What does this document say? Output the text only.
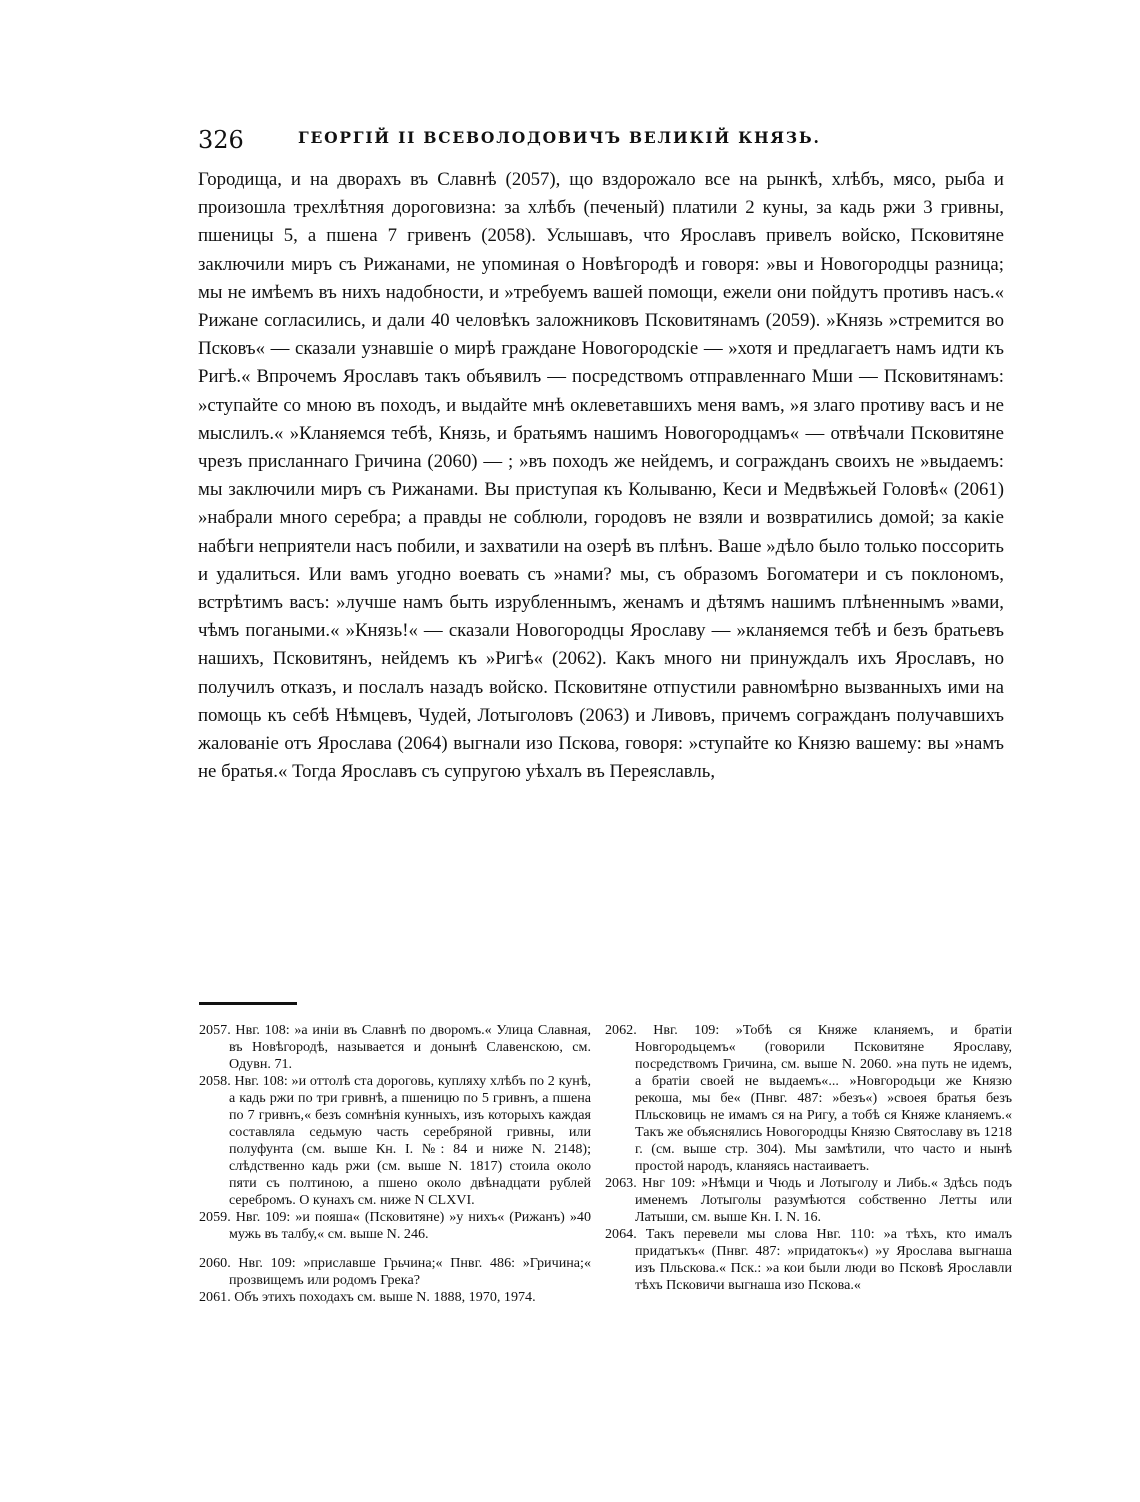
326	ГЕОРГІЙ II ВСЕВОЛОДОВИЧЪ ВЕЛИКІЙ КНЯЗЬ.

Городища, и на дворахъ въ Славнѣ (2057), що вздорожало все на рынкѣ, хлѣбъ, мясо, рыба и произошла трехлѣтняя дороговизна: за хлѣбъ (печеный) платили 2 куны, за кадь ржи 3 гривны, пшеницы 5, а пшена 7 гривенъ (2058). Услышавъ, что Ярославъ привелъ войско, Псковитяне заключили миръ съ Рижанами, не упоминая о Новѣгородѣ и говоря: »вы и Новогородцы разница; мы не имѣемъ въ нихъ надобности, и »требуемъ вашей помощи, ежели они пойдутъ противъ насъ.« Рижане согласились, и дали 40 человѣкъ заложниковъ Псковитянамъ (2059). »Князь »стремится во Псковъ« — сказали узнавшіе о мирѣ граждане Новогородскіе — »хотя и предлагаетъ намъ идти къ Ригѣ.« Впрочемъ Ярославъ такъ объявилъ — посредствомъ отправленнаго Мши — Псковитянамъ: »ступайте со мною въ походъ, и выдайте мнѣ оклеветавшихъ меня вамъ, »я злаго противу васъ и не мыслилъ.« »Кланяемся тебѣ, Князь, и братьямъ нашимъ Новогородцамъ« — отвѣчали Псковитяне чрезъ присланнаго Гричина (2060) — ; »въ походъ же нейдемъ, и согражданъ своихъ не »выдаемъ: мы заключили миръ съ Рижанами. Вы приступая къ Колываню, Кеси и Медвѣжьей Головѣ« (2061) »набрали много серебра; а правды не соблюли, городовъ не взяли и возвратились домой; за какіе набѣги неприятели насъ побили, и захватили на озерѣ въ плѣнъ. Ваше »дѣло было только поссорить и удалиться. Или вамъ угодно воевать съ »нами? мы, съ образомъ Богоматери и съ поклономъ, встрѣтимъ васъ: »лучше намъ быть изрубленнымъ, женамъ и дѣтямъ нашимъ плѣненнымъ »вами, чѣмъ погаными.« »Князь!« — сказали Новогородцы Ярославу — »кланяемся тебѣ и безъ братьевъ нашихъ, Псковитянъ, нейдемъ къ »Ригѣ« (2062). Какъ много ни принуждалъ ихъ Ярославъ, но получилъ отказъ, и послалъ назадъ войско. Псковитяне отпустили равномѣрно вызванныхъ ими на помощь къ себѣ Нѣмцевъ, Чудей, Лотыголовъ (2063) и Ливовъ, причемъ согражданъ получавшихъ жалованіе отъ Ярослава (2064) выгнали изо Пскова, говоря: »ступайте ко Князю вашему: вы »намъ не братья.« Тогда Ярославъ съ супругою уѣхалъ въ Переяславль,

2057. Нвг. 108: »а иніи въ Славнѣ по дворомъ.« Улица Славная, въ Новѣгородѣ, называется и донынѣ Славенскою, см. Одувн. 71.

2058. Нвг. 108: »и оттолѣ ста дороговь, купляху хлѣбъ по 2 кунѣ, а кадь ржи по три гривнѣ, а пшеницю по 5 гривнъ, а пшена по 7 гривнъ,« безъ сомнѣнія кунныхъ, изъ которыхъ каждая составляла седьмую часть серебряной гривны, или полуфунта (см. выше Кн. I. №: 84 и ниже N. 2148); слѣдственно кадь ржи (см. выше N. 1817) стоила около пяти съ полтиною, а пшено около двѣнадцати рублей серебромъ. О кунахъ см. ниже N CLXVI.

2059. Нвг. 109: »и пояша« (Псковитяне) »у нихъ« (Рижанъ) »40 мужь въ талбу,« см. выше N. 246.

2060. Нвг. 109: »приславше Грьчина;« Пнвг. 486: »Гричина;« прозвищемъ или родомъ Грека?

2061. Объ этихъ походахъ см. выше N. 1888, 1970, 1974.

2062. Нвг. 109: »Тобѣ ся Княже кланяемъ, и братіи Новгородьцемъ« (говорили Псковитяне Ярославу, посредствомъ Гричина, см. выше N. 2060. »на путь не идемъ, а братіи своей не выдаемъ«... »Новгородьци же Князю рекоша, мы бе« (Пнвг. 487: »безъ«) »своея братья безъ Пльсковиць не имамъ ся на Ригу, а тобѣ ся Княже кланяемъ.« Такъ же объяснялись Новогородцы Князю Святославу въ 1218 г. (см. выше стр. 304). Мы замѣтили, что часто и нынѣ простой народъ, кланяясь настаиваетъ.

2063. Нвг 109: »Нѣмци и Чюдь и Лотыголу и Либь.« Здѣсь подъ именемъ Лотыголы разумѣются собственно Летты или Латыши, см. выше Кн. I. N. 16.

2064. Такъ перевели мы слова Нвг. 110: »а тѣхъ, кто ималъ придатъкъ« (Пнвг. 487: »придатокъ«) »у Ярослава выгнаша изъ Пльскова.« Пск.: »а кои были люди во Псковѣ Ярославли тѣхъ Псковичи выгнаша изо Пскова.«
